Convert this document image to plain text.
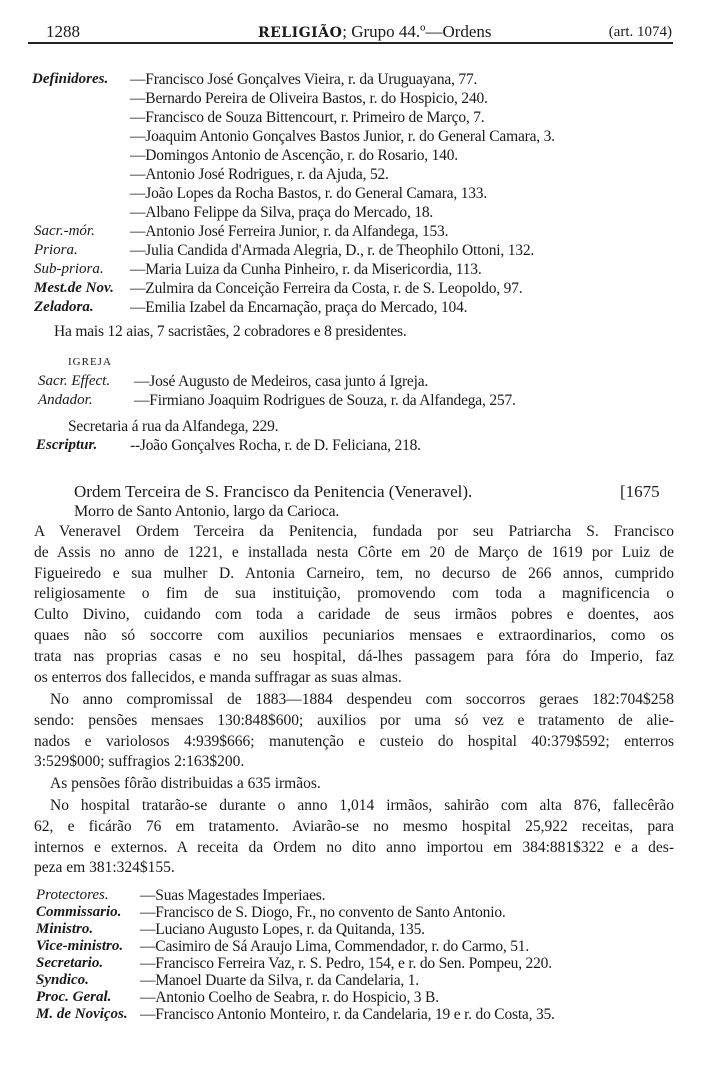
1288	RELIGIÃO; Grupo 44.º—Ordens	(art. 1074)
Definidores. —Francisco José Gonçalves Vieira, r. da Uruguayana, 77.
—Bernardo Pereira de Oliveira Bastos, r. do Hospicio, 240.
—Francisco de Souza Bittencourt, r. Primeiro de Março, 7.
—Joaquim Antonio Gonçalves Bastos Junior, r. do General Camara, 3.
—Domingos Antonio de Ascenção, r. do Rosario, 140.
—Antonio José Rodrigues, r. da Ajuda, 52.
—João Lopes da Rocha Bastos, r. do General Camara, 133.
—Albano Felippe da Silva, praça do Mercado, 18.
Sacr.-mór. —Antonio José Ferreira Junior, r. da Alfandega, 153.
Priora.	—Julia Candida d'Armada Alegria, D., r. de Theophilo Ottoni, 132.
Sub-priora. —Maria Luiza da Cunha Pinheiro, r. da Misericordia, 113.
Mest.de Nov. —Zulmira da Conceição Ferreira da Costa, r. de S. Leopoldo, 97.
Zeladora. —Emilia Izabel da Encarnação, praça do Mercado, 104.
Ha mais 12 aias, 7 sacristães, 2 cobradores e 8 presidentes.
IGREJA
Sacr. Effect. —José Augusto de Medeiros, casa junto á Igreja.
Andador.	—Firmiano Joaquim Rodrigues de Souza, r. da Alfandega, 257.
Secretaria á rua da Alfandega, 229.
Escriptur. --João Gonçalves Rocha, r. de D. Feliciana, 218.
Ordem Terceira de S. Francisco da Penitencia (Veneravel).	[1675
Morro de Santo Antonio, largo da Carioca.
A Veneravel Ordem Terceira da Penitencia, fundada por seu Patriarcha S. Francisco
de Assis no anno de 1221, e installada nesta Côrte em 20 de Março de 1619 por Luiz de
Figueiredo e sua mulher D. Antonia Carneiro, tem, no decurso de 266 annos, cumprido
religiosamente o fim de sua instituição, promovendo com toda a magnificencia o
Culto Divino, cuidando com toda a caridade de seus irmãos pobres e doentes, aos
quaes não só soccorre com auxilios pecuniarios mensaes e extraordinarios, como os
trata nas proprias casas e no seu hospital, dá-lhes passagem para fóra do Imperio, faz
os enterros dos fallecidos, e manda suffragar as suas almas.
No anno compromissal de 1883—1884 despendeu com soccorros geraes 182:704$258
sendo: pensões mensaes 130:848$600; auxilios por uma só vez e tratamento de alie-
nados e variolosos 4:939$666; manutenção e custeio do hospital 40:379$592; enterros
3:529$000; suffragios 2:163$200.
As pensões fôrão distribuidas a 635 irmãos.
No hospital tratarão-se durante o anno 1,014 irmãos, sahirão com alta 876, fallecêrão
62, e ficárão 76 em tratamento. Aviarão-se no mesmo hospital 25,922 receitas, para
internos e externos. A receita da Ordem no dito anno importou em 384:881$322 e a des-
peza em 381:324$155.
Protectores. —Suas Magestades Imperiaes.
Commissario. —Francisco de S. Diogo, Fr., no convento de Santo Antonio.
Ministro.	—Luciano Augusto Lopes, r. da Quitanda, 135.
Vice-ministro. —Casimiro de Sá Araujo Lima, Commendador, r. do Carmo, 51.
Secretario. —Francisco Ferreira Vaz, r. S. Pedro, 154, e r. do Sen. Pompeu, 220.
Syndico.	—Manoel Duarte da Silva, r. da Candelaria, 1.
Proc. Geral. —Antonio Coelho de Seabra, r. do Hospicio, 3 B.
M. de Noviços. —Francisco Antonio Monteiro, r. da Candelaria, 19 e r. do Costa, 35.
